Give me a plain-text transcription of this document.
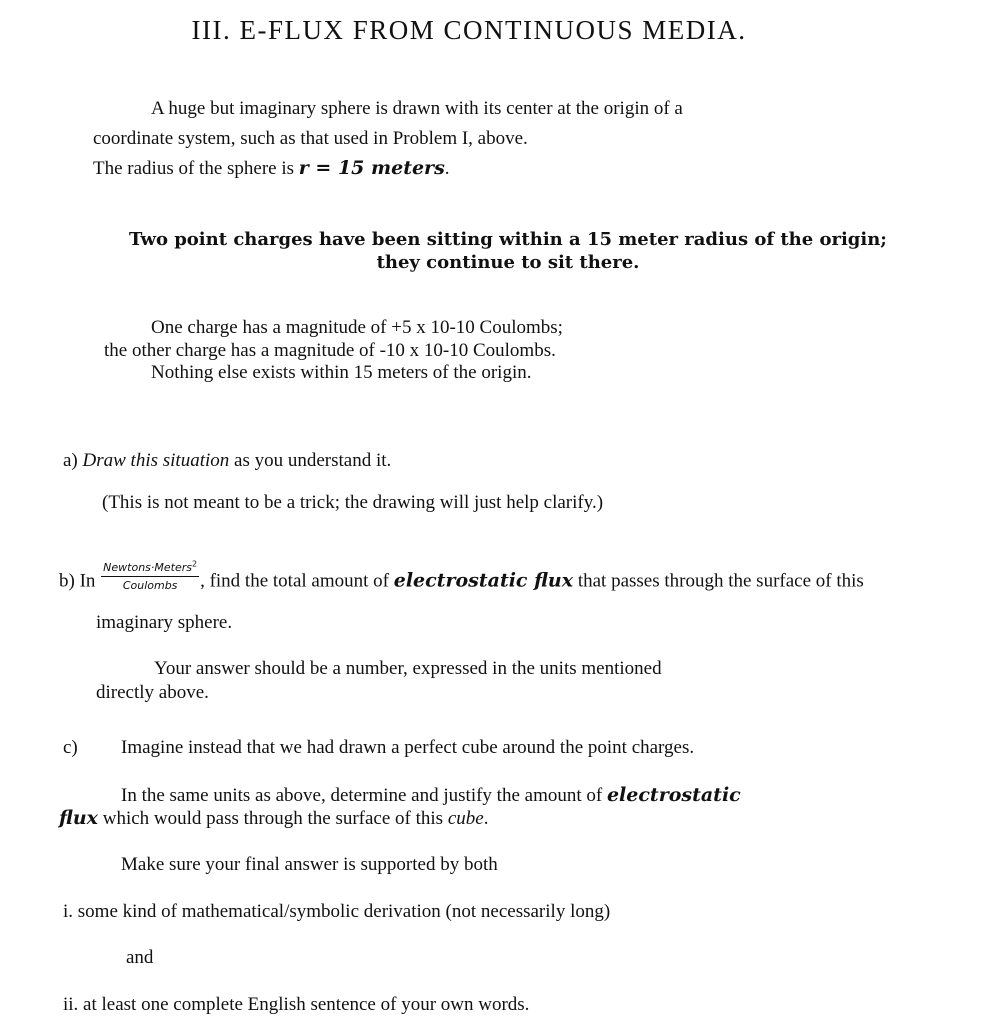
III. E-FLUX FROM CONTINUOUS MEDIA.
A huge but imaginary sphere is drawn with its center at the origin of a
coordinate system, such as that used in Problem I, above.
The radius of the sphere is r = 15 meters.
Two point charges have been sitting within a 15 meter radius of the origin;
they continue to sit there.
One charge has a magnitude of +5 x 10-10 Coulombs;
the other charge has a magnitude of -10 x 10-10 Coulombs.
Nothing else exists within 15 meters of the origin.
a) Draw this situation as you understand it.
(This is not meant to be a trick; the drawing will just help clarify.)
b) In $\frac{Newtons\cdot Meters^2}{\text{Coulombs}}$ , find the total amount of electrostatic flux that passes through the surface of this
imaginary sphere.
Your answer should be a number, expressed in the units mentioned
directly above.
c) Imagine instead that we had drawn a perfect cube around the point charges.
In the same units as above, determine and justify the amount of electrostatic
flux which would pass through the surface of this cube.
Make sure your final answer is supported by both
i. some kind of mathematical/symbolic derivation (not necessarily long)
and
ii. at least one complete English sentence of your own words.
